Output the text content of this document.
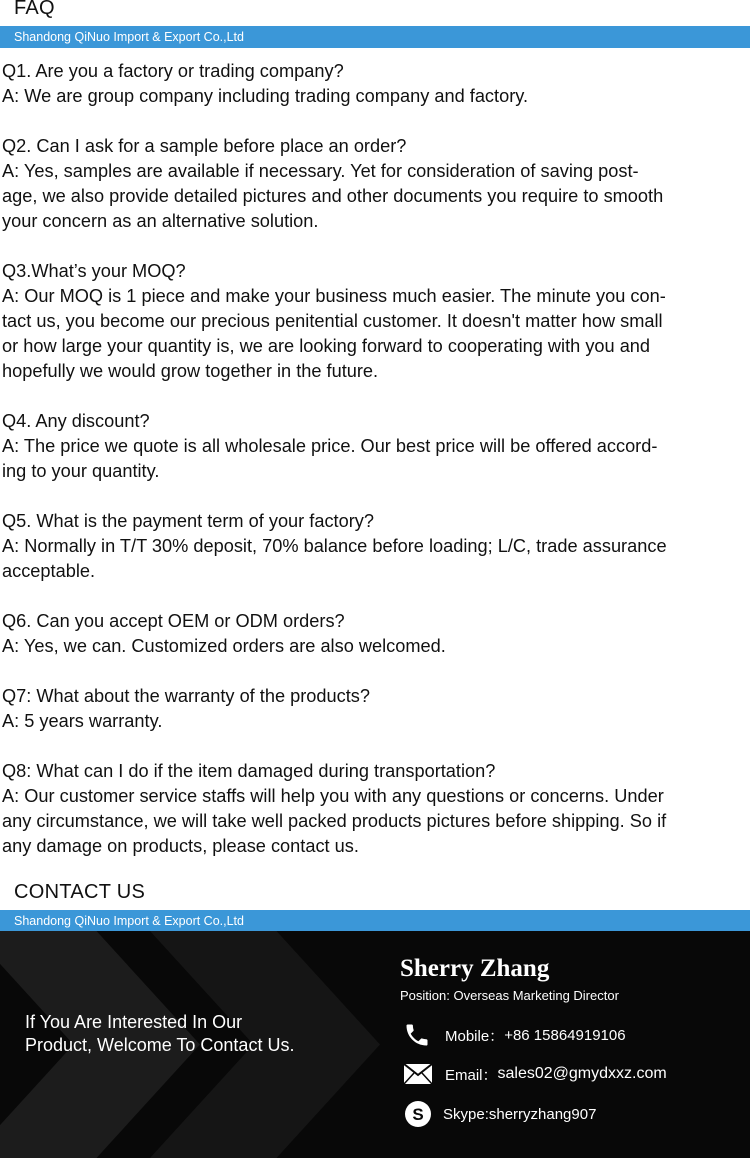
FAQ
Shandong QiNuo Import & Export Co.,Ltd

Q1. Are you a factory or trading company?

A: We are group company including trading company and factory.

Q2. Can I ask for a sample before place an order?

A: Yes, samples are available if necessary. Yet for consideration of saving post-

age, we also provide detailed pictures and other documents you require to smooth

your concern as an alternative solution.

Q3.What’s your MOQ?

A: Our MOQ is 1 piece and make your business much easier. The minute you con-

tact us, you become our precious penitential customer. It doesn't matter how small

or how large your quantity is, we are looking forward to cooperating with you and

hopefully we would grow together in the future.

Q4. Any discount?

A: The price we quote is all wholesale price. Our best price will be offered accord-

ing to your quantity.

Q5. What is the payment term of your factory?

A: Normally in T/T 30% deposit, 70% balance before loading; L/C, trade assurance

acceptable.

Q6. Can you accept OEM or ODM orders?

A: Yes, we can. Customized orders are also welcomed.

Q7: What about the warranty of the products?

A: 5 years warranty.

Q8: What can I do if the item damaged during transportation?

A: Our customer service staffs will help you with any questions or concerns. Under

any circumstance, we will take well packed products pictures before shipping. So if

any damage on products, please contact us.

CONTACT US
Shandong QiNuo Import & Export Co.,Ltd
If You Are Interested In Our
Product, Welcome To Contact Us.
Sherry Zhang
Position: Overseas Marketing Director
Mobile： +86 15864919106
Email： sales02@gmydxxz.com
S Skype: sherryzhang907
